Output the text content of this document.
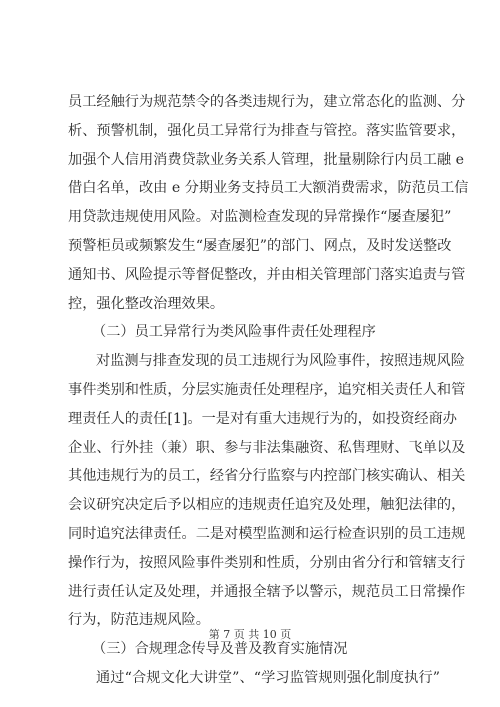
员工经触行为规范禁令的各类违规行为，建立常态化的监测、分
析、预警机制，强化员工异常行为排查与管控。落实监管要求，
加强个人信用消费贷款业务关系人管理，批量剔除行内员工融 e
借白名单，改由 e 分期业务支持员工大额消费需求，防范员工信
用贷款违规使用风险。对监测检查发现的异常操作“屡查屡犯”
预警柜员或频繁发生“屡查屡犯”的部门、网点，及时发送整改
通知书、风险提示等督促整改，并由相关管理部门落实追责与管
控，强化整改治理效果。
（二）员工异常行为类风险事件责任处理程序
对监测与排查发现的员工违规行为风险事件，按照违规风险
事件类别和性质，分层实施责任处理程序，追究相关责任人和管
理责任人的责任[1]。一是对有重大违规行为的，如投资经商办
企业、行外挂（兼）职、参与非法集融资、私售理财、飞单以及
其他违规行为的员工，经省分行监察与内控部门核实确认、相关
会议研究决定后予以相应的违规责任追究及处理，触犯法律的，
同时追究法律责任。二是对模型监测和运行检查识别的员工违规
操作行为，按照风险事件类别和性质，分别由省分行和管辖支行
进行责任认定及处理，并通报全辖予以警示，规范员工日常操作
行为，防范违规风险。
（三）合规理念传导及普及教育实施情况
通过“合规文化大讲堂”、“学习监管规则强化制度执行”
第 7 页 共 10 页
